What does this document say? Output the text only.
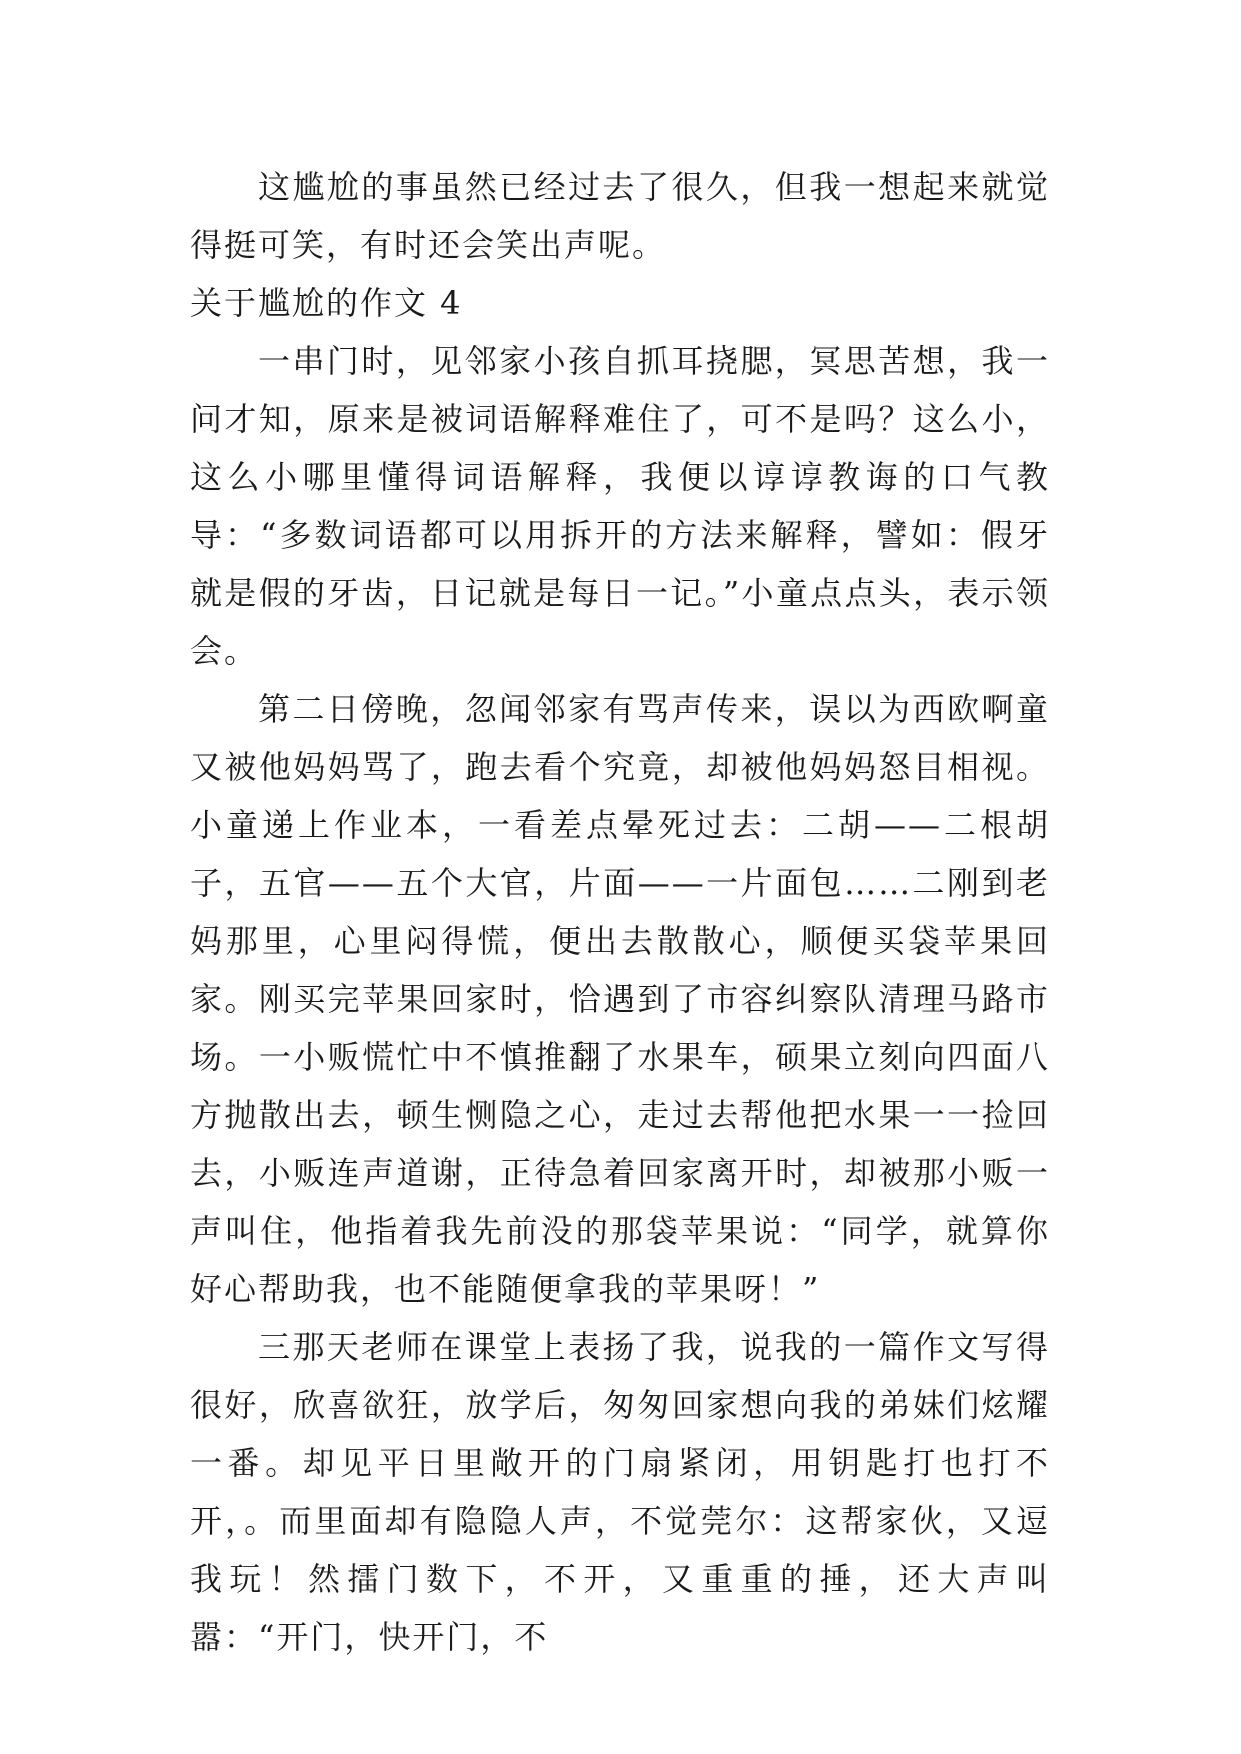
这尴尬的事虽然已经过去了很久，但我一想起来就觉得挺可笑，有时还会笑出声呢。

关于尴尬的作文 4

一串门时，见邻家小孩自抓耳挠腮，冥思苦想，我一问才知，原来是被词语解释难住了，可不是吗？这么小，这么小哪里懂得词语解释，我便以谆谆教诲的口气教导：“多数词语都可以用拆开的方法来解释，譬如：假牙就是假的牙齿，日记就是每日一记。”小童点点头，表示领会。

第二日傍晚，忽闻邻家有骂声传来，误以为西欧啊童又被他妈妈骂了，跑去看个究竟，却被他妈妈怒目相视。小童递上作业本，一看差点晕死过去：二胡——二根胡子，五官——五个大官，片面——一片面包……二刚到老妈那里，心里闷得慌，便出去散散心，顺便买袋苹果回家。刚买完苹果回家时，恰遇到了市容纠察队清理马路市场。一小贩慌忙中不慎推翻了水果车，硕果立刻向四面八方抛散出去，顿生恻隐之心，走过去帮他把水果一一捡回去，小贩连声道谢，正待急着回家离开时，却被那小贩一声叫住，他指着我先前没的那袋苹果说：“同学，就算你好心帮助我，也不能随便拿我的苹果呀！”

三那天老师在课堂上表扬了我，说我的一篇作文写得很好，欣喜欲狂，放学后，匆匆回家想向我的弟妹们炫耀一番。却见平日里敞开的门扇紧闭，用钥匙打也打不开，。而里面却有隐隐人声，不觉莞尔：这帮家伙，又逗我玩！然擂门数下，不开，又重重的捶，还大声叫嚣：“开门，快开门，不
